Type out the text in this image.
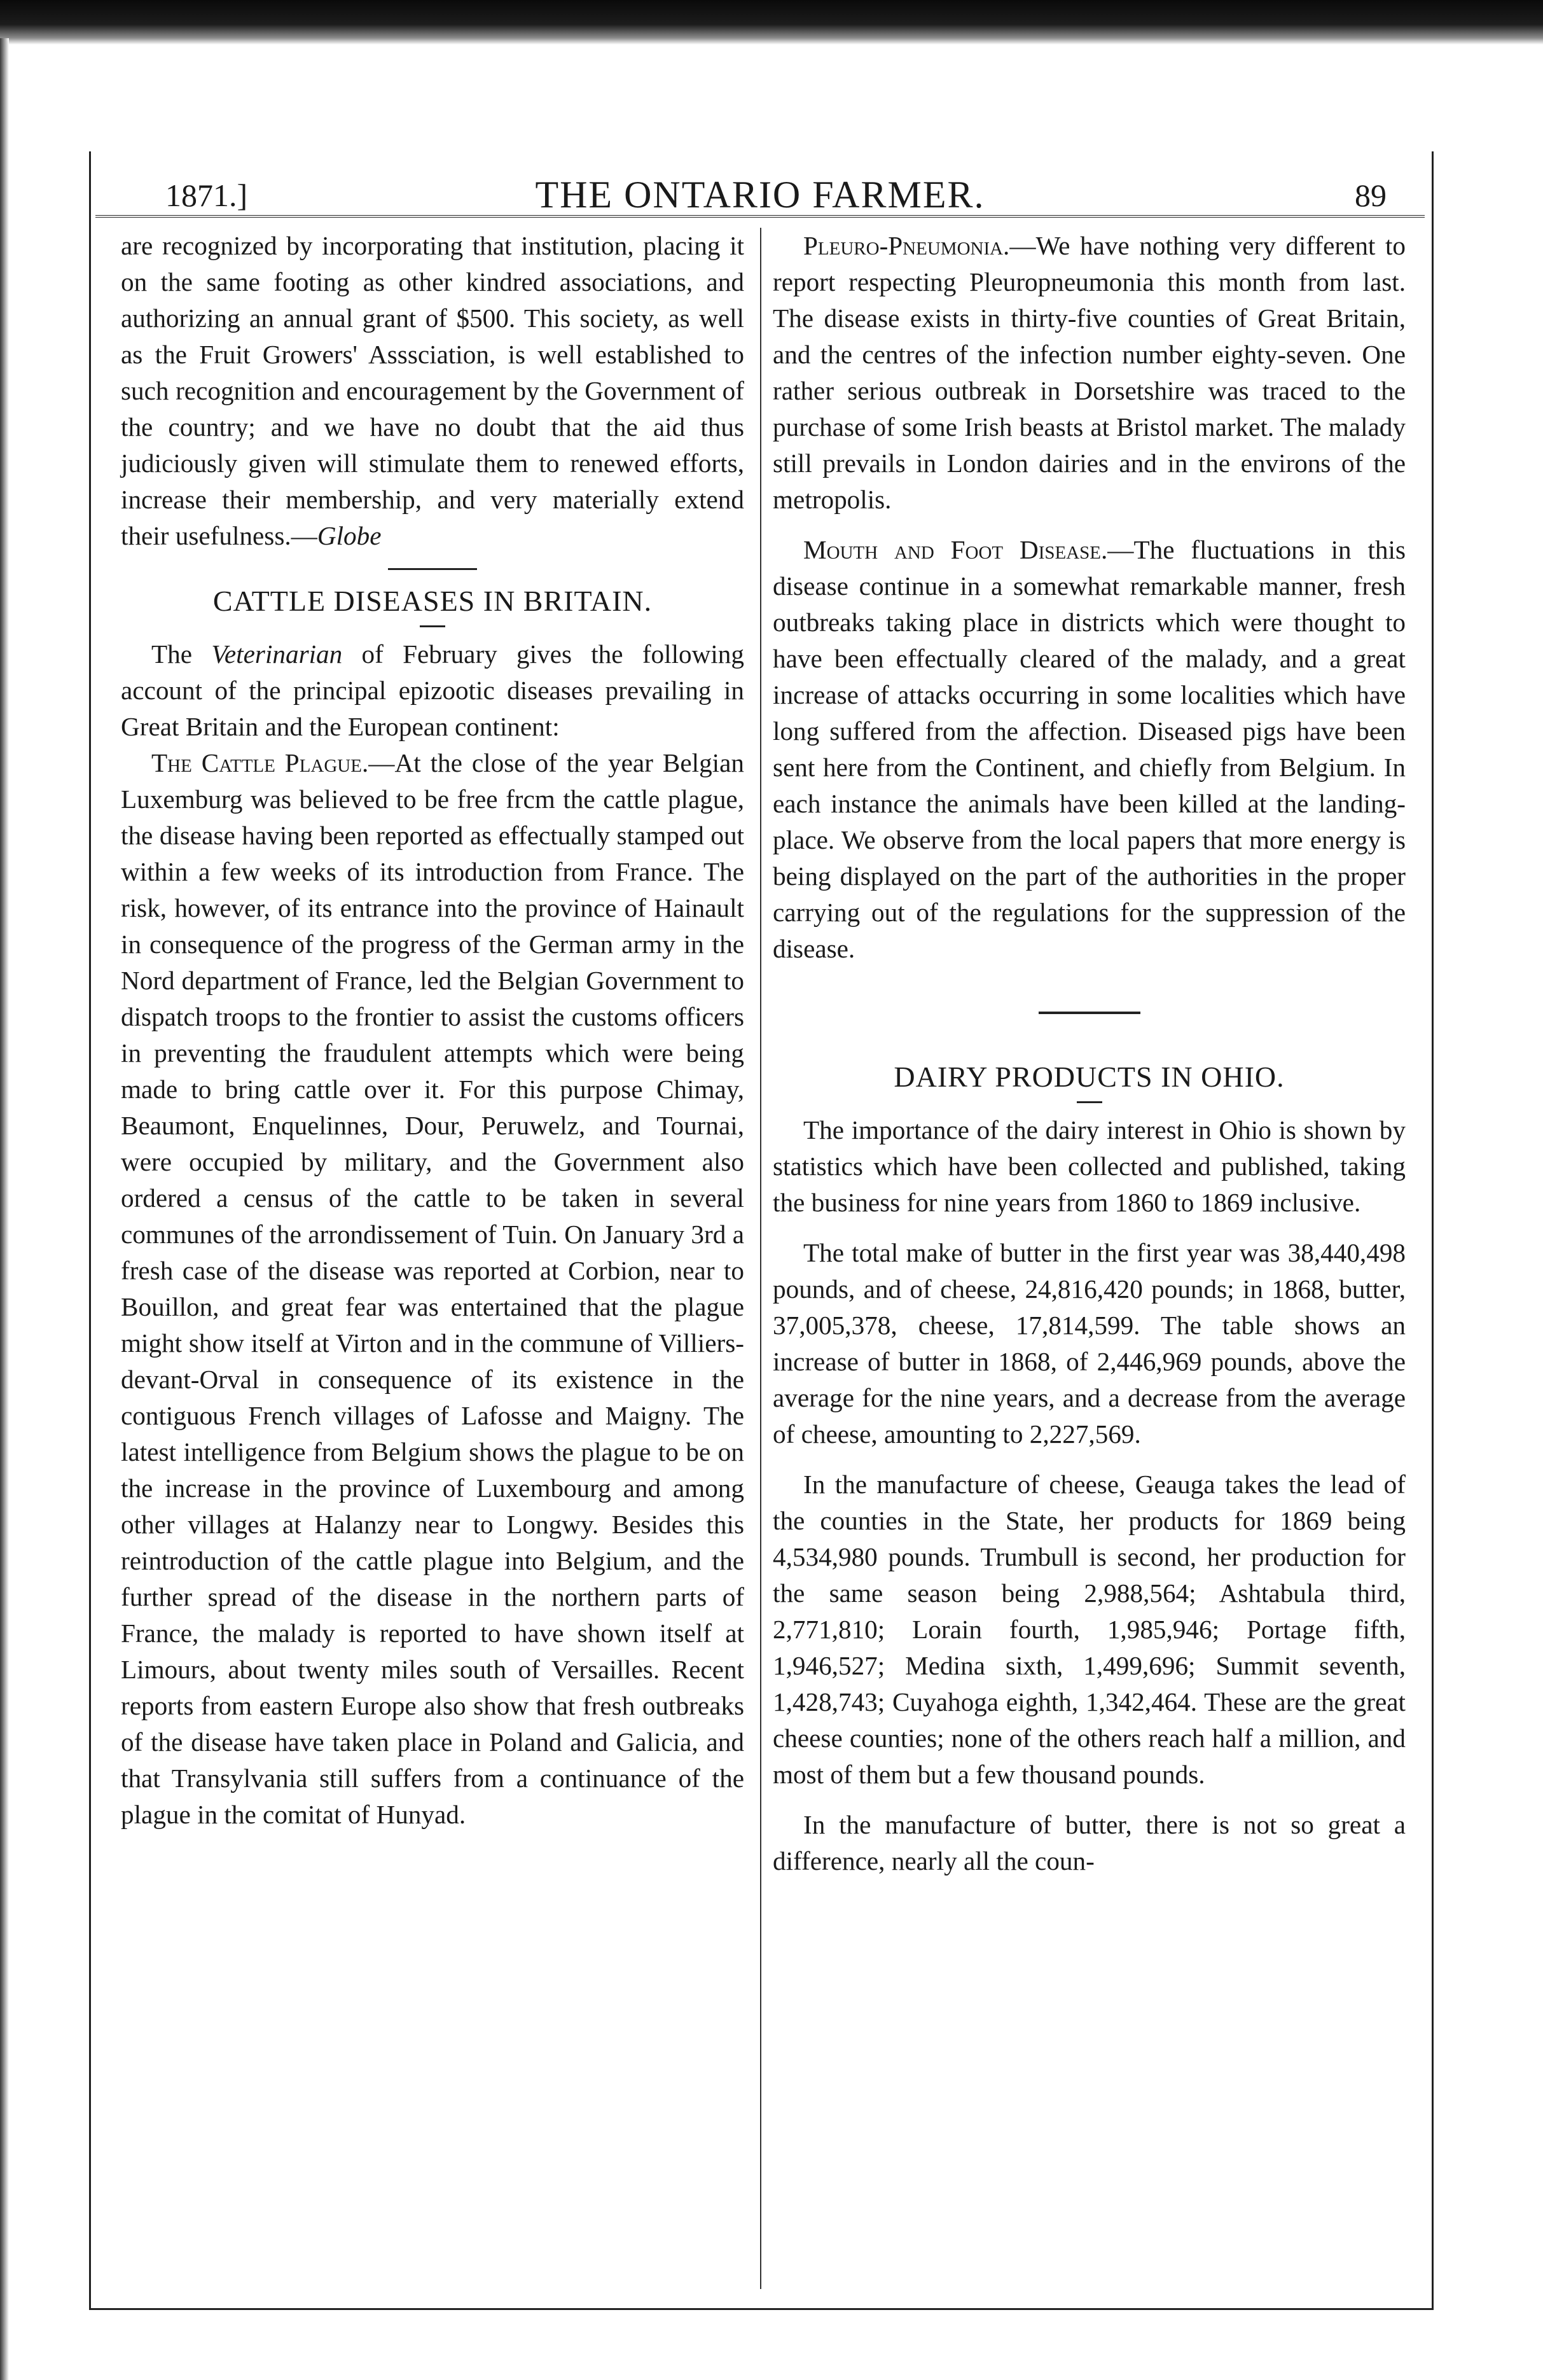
1871.]	THE ONTARIO FARMER.	89

are recognized by incorporating that institution, placing it on the same footing as other kindred associations, and authorizing an annual grant of $500. This society, as well as the Fruit Growers' Asssciation, is well established to such recognition and encouragement by the Government of the country; and we have no doubt that the aid thus judiciously given will stimulate them to renewed efforts, increase their membership, and very materially extend their usefulness.—Globe

CATTLE DISEASES IN BRITAIN.

The Veterinarian of February gives the following account of the principal epizootic diseases prevailing in Great Britain and the European continent:

The Cattle Plague.—At the close of the year Belgian Luxemburg was believed to be free frcm the cattle plague, the disease having been reported as effectually stamped out within a few weeks of its introduction from France. The risk, however, of its entrance into the province of Hainault in consequence of the progress of the German army in the Nord department of France, led the Belgian Government to dispatch troops to the frontier to assist the customs officers in preventing the fraudulent attempts which were being made to bring cattle over it. For this purpose Chimay, Beaumont, Enquelinnes, Dour, Peruwelz, and Tournai, were occupied by military, and the Government also ordered a census of the cattle to be taken in several communes of the arrondissement of Tuin. On January 3rd a fresh case of the disease was reported at Corbion, near to Bouillon, and great fear was entertained that the plague might show itself at Virton and in the commune of Villiers-devant-Orval in consequence of its existence in the contiguous French villages of Lafosse and Maigny. The latest intelligence from Belgium shows the plague to be on the increase in the province of Luxembourg and among other villages at Halanzy near to Longwy. Besides this reintroduction of the cattle plague into Belgium, and the further spread of the disease in the northern parts of France, the malady is reported to have shown itself at Limours, about twenty miles south of Versailles. Recent reports from eastern Europe also show that fresh outbreaks of the disease have taken place in Poland and Galicia, and that Transylvania still suffers from a continuance of the plague in the comitat of Hunyad.

Pleuro-Pneumonia.—We have nothing very different to report respecting Pleuropneumonia this month from last. The disease exists in thirty-five counties of Great Britain, and the centres of the infection number eighty-seven. One rather serious outbreak in Dorsetshire was traced to the purchase of some Irish beasts at Bristol market. The malady still prevails in London dairies and in the environs of the metropolis.

Mouth and Foot Disease.—The fluctuations in this disease continue in a somewhat remarkable manner, fresh outbreaks taking place in districts which were thought to have been effectually cleared of the malady, and a great increase of attacks occurring in some localities which have long suffered from the affection. Diseased pigs have been sent here from the Continent, and chiefly from Belgium. In each instance the animals have been killed at the landing-place. We observe from the local papers that more energy is being displayed on the part of the authorities in the proper carrying out of the regulations for the suppression of the disease.

DAIRY PRODUCTS IN OHIO.

The importance of the dairy interest in Ohio is shown by statistics which have been collected and published, taking the business for nine years from 1860 to 1869 inclusive.

The total make of butter in the first year was 38,440,498 pounds, and of cheese, 24,816,420 pounds; in 1868, butter, 37,005,378, cheese, 17,814,599. The table shows an increase of butter in 1868, of 2,446,969 pounds, above the average for the nine years, and a decrease from the average of cheese, amounting to 2,227,569.

In the manufacture of cheese, Geauga takes the lead of the counties in the State, her products for 1869 being 4,534,980 pounds. Trumbull is second, her production for the same season being 2,988,564; Ashtabula third, 2,771,810; Lorain fourth, 1,985,946; Portage fifth, 1,946,527; Medina sixth, 1,499,696; Summit seventh, 1,428,743; Cuyahoga eighth, 1,342,464. These are the great cheese counties; none of the others reach half a million, and most of them but a few thousand pounds.

In the manufacture of butter, there is not so great a difference, nearly all the coun-
